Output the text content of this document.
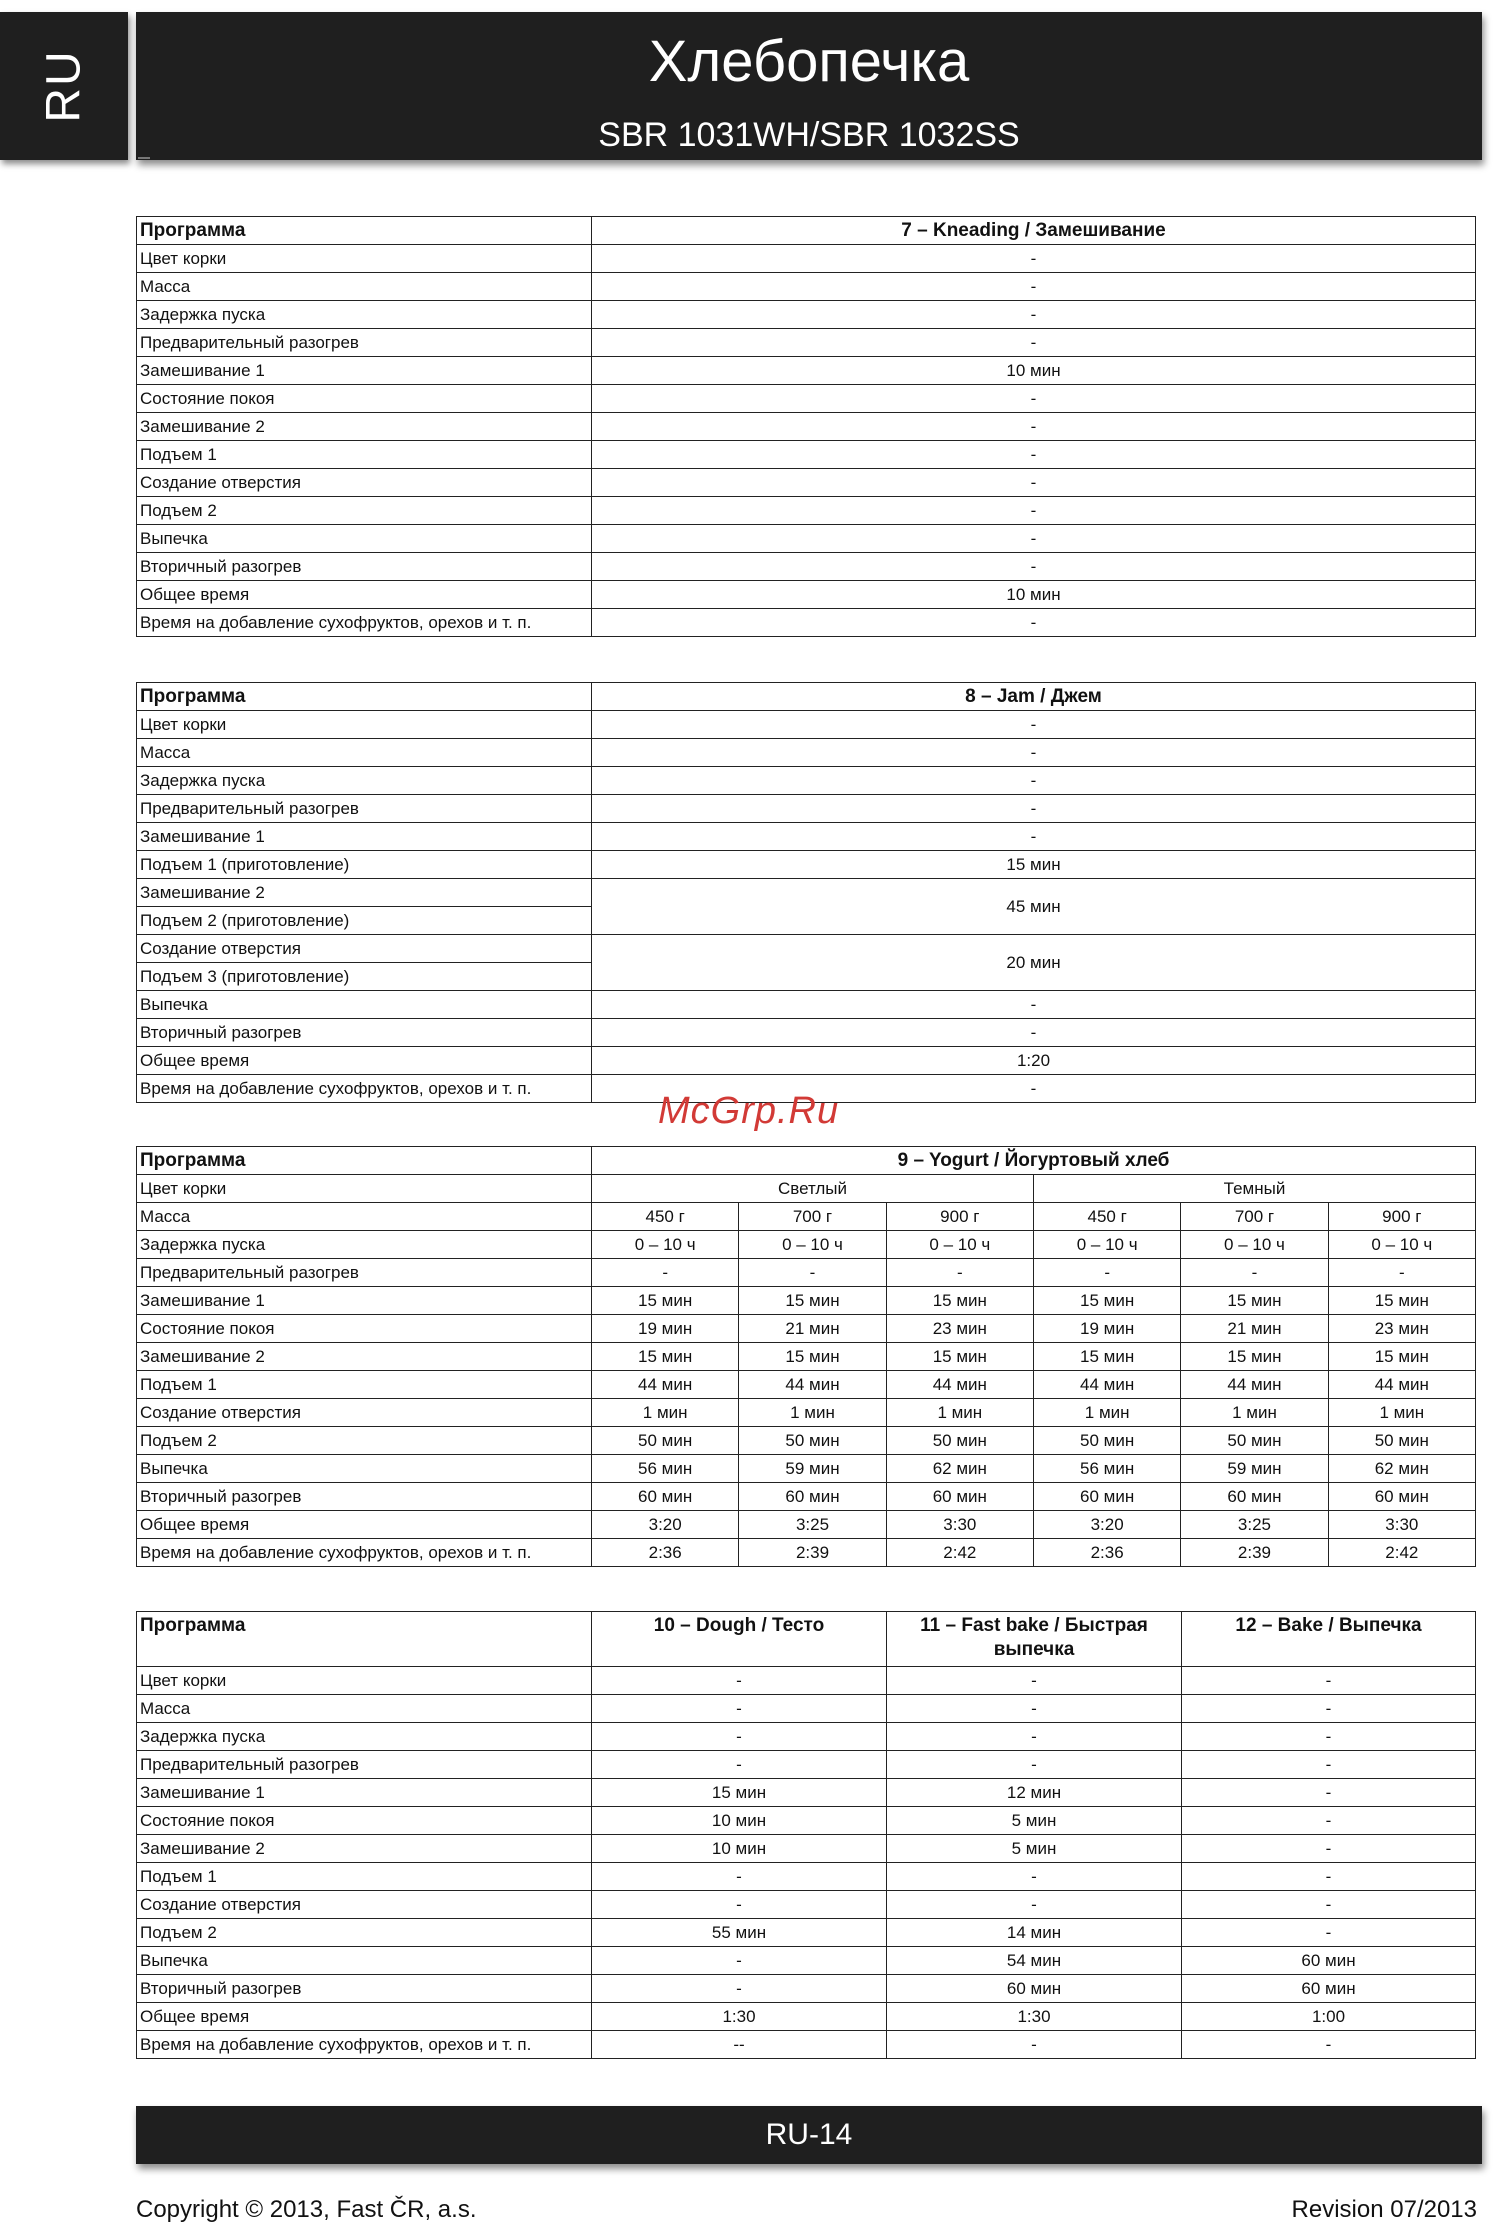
RU	Хлебопечка
SBR 1031WH/SBR 1032SS
Программа	7 – Kneading / Замешивание
Цвет корки	-
Масса	-
Задержка пуска	-
Предварительный разогрев	-
Замешивание 1	10 мин
Состояние покоя	-
Замешивание 2	-
Подъем 1	-
Создание отверстия	-
Подъем 2	-
Выпечка	-
Вторичный разогрев	-
Общее время	10 мин
Время на добавление сухофруктов, орехов и т. п.	-
Программа	8 – Jam / Джем
Цвет корки	-
Масса	-
Задержка пуска	-
Предварительный разогрев	-
Замешивание 1	-
Подъем 1 (приготовление)	15 мин
Замешивание 2	45 мин
Подъем 2 (приготовление)	
Создание отверстия	20 мин
Подъем 3 (приготовление)	
Выпечка	-
Вторичный разогрев	-
Общее время	1:20
Время на добавление сухофруктов, орехов и т. п.	-
Программа	9 – Yogurt / Йогуртовый хлеб					
Цвет корки	Светлый			Темный		
Масса	450 г	700 г	900 г	450 г	700 г	900 г
Задержка пуска	0 – 10 ч	0 – 10 ч	0 – 10 ч	0 – 10 ч	0 – 10 ч	0 – 10 ч
Предварительный разогрев	-	-	-	-	-	-
Замешивание 1	15 мин	15 мин	15 мин	15 мин	15 мин	15 мин
Состояние покоя	19 мин	21 мин	23 мин	19 мин	21 мин	23 мин
Замешивание 2	15 мин	15 мин	15 мин	15 мин	15 мин	15 мин
Подъем 1	44 мин	44 мин	44 мин	44 мин	44 мин	44 мин
Создание отверстия	1 мин	1 мин	1 мин	1 мин	1 мин	1 мин
Подъем 2	50 мин	50 мин	50 мин	50 мин	50 мин	50 мин
Выпечка	56 мин	59 мин	62 мин	56 мин	59 мин	62 мин
Вторичный разогрев	60 мин	60 мин	60 мин	60 мин	60 мин	60 мин
Общее время	3:20	3:25	3:30	3:20	3:25	3:30
Время на добавление сухофруктов, орехов и т. п.	2:36	2:39	2:42	2:36	2:39	2:42
Программа	10 – Dough / Тесто	11 – Fast bake / Быстрая выпечка	12 – Bake / Выпечка
Цвет корки	-	-	-
Масса	-	-	-
Задержка пуска	-	-	-
Предварительный разогрев	-	-	-
Замешивание 1	15 мин	12 мин	-
Состояние покоя	10 мин	5 мин	-
Замешивание 2	10 мин	5 мин	-
Подъем 1	-	-	-
Создание отверстия	-	-	-
Подъем 2	55 мин	14 мин	-
Выпечка	-	54 мин	60 мин
Вторичный разогрев	-	60 мин	60 мин
Общее время	1:30	1:30	1:00
Время на добавление сухофруктов, орехов и т. п.	--	-	-
McGrp.Ru
RU-14
Copyright © 2013, Fast ČR, a.s.	Revision 07/2013
